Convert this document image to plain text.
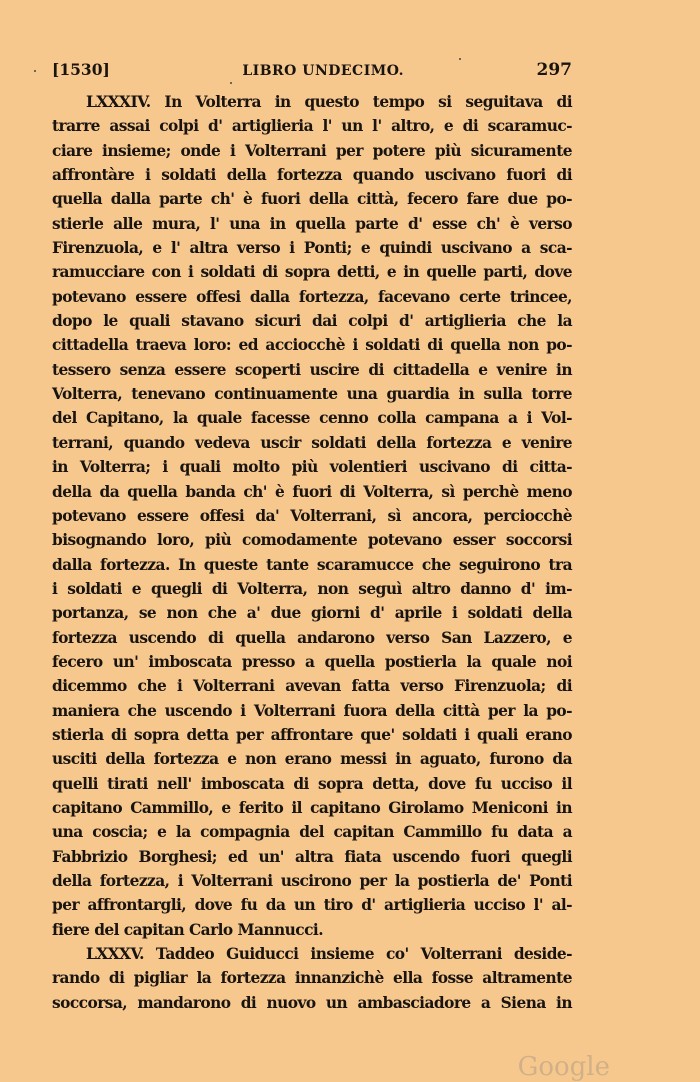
[1530]	LIBRO UNDECIMO.	297
LXXXIV. In Volterra in questo tempo si seguitava di
trarre assai colpi d' artiglieria l' un l' altro, e di scaramuc-
ciare insieme; onde i Volterrani per potere più sicuramente
affrontàre i soldati della fortezza quando uscivano fuori di
quella dalla parte ch' è fuori della città, fecero fare due po-
stierle alle mura, l' una in quella parte d' esse ch' è verso
Firenzuola, e l' altra verso i Ponti; e quindi uscivano a sca-
ramucciare con i soldati di sopra detti, e in quelle parti, dove
potevano essere offesi dalla fortezza, facevano certe trincee,
dopo le quali stavano sicuri dai colpi d' artiglieria che la
cittadella traeva loro: ed acciocchè i soldati di quella non po-
tessero senza essere scoperti uscire di cittadella e venire in
Volterra, tenevano continuamente una guardia in sulla torre
del Capitano, la quale facesse cenno colla campana a i Vol-
terrani, quando vedeva uscir soldati della fortezza e venire
in Volterra; i quali molto più volentieri uscivano di citta-
della da quella banda ch' è fuori di Volterra, sì perchè meno
potevano essere offesi da' Volterrani, sì ancora, perciocchè
bisognando loro, più comodamente potevano esser soccorsi
dalla fortezza. In queste tante scaramucce che seguirono tra
i soldati e quegli di Volterra, non seguì altro danno d' im-
portanza, se non che a' due giorni d' aprile i soldati della
fortezza uscendo di quella andarono verso San Lazzero, e
fecero un' imboscata presso a quella postierla la quale noi
dicemmo che i Volterrani avevan fatta verso Firenzuola; di
maniera che uscendo i Volterrani fuora della città per la po-
stierla di sopra detta per affrontare que' soldati i quali erano
usciti della fortezza e non erano messi in aguato, furono da
quelli tirati nell' imboscata di sopra detta, dove fu ucciso il
capitano Cammillo, e ferito il capitano Girolamo Meniconi in
una coscia; e la compagnia del capitan Cammillo fu data a
Fabbrizio Borghesi; ed un' altra fiata uscendo fuori quegli
della fortezza, i Volterrani uscirono per la postierla de' Ponti
per affrontargli, dove fu da un tiro d' artiglieria ucciso l' al-
fiere del capitan Carlo Mannucci.
LXXXV. Taddeo Guiducci insieme co' Volterrani deside-
rando di pigliar la fortezza innanzichè ella fosse altramente
soccorsa, mandarono di nuovo un ambasciadore a Siena in
Google
